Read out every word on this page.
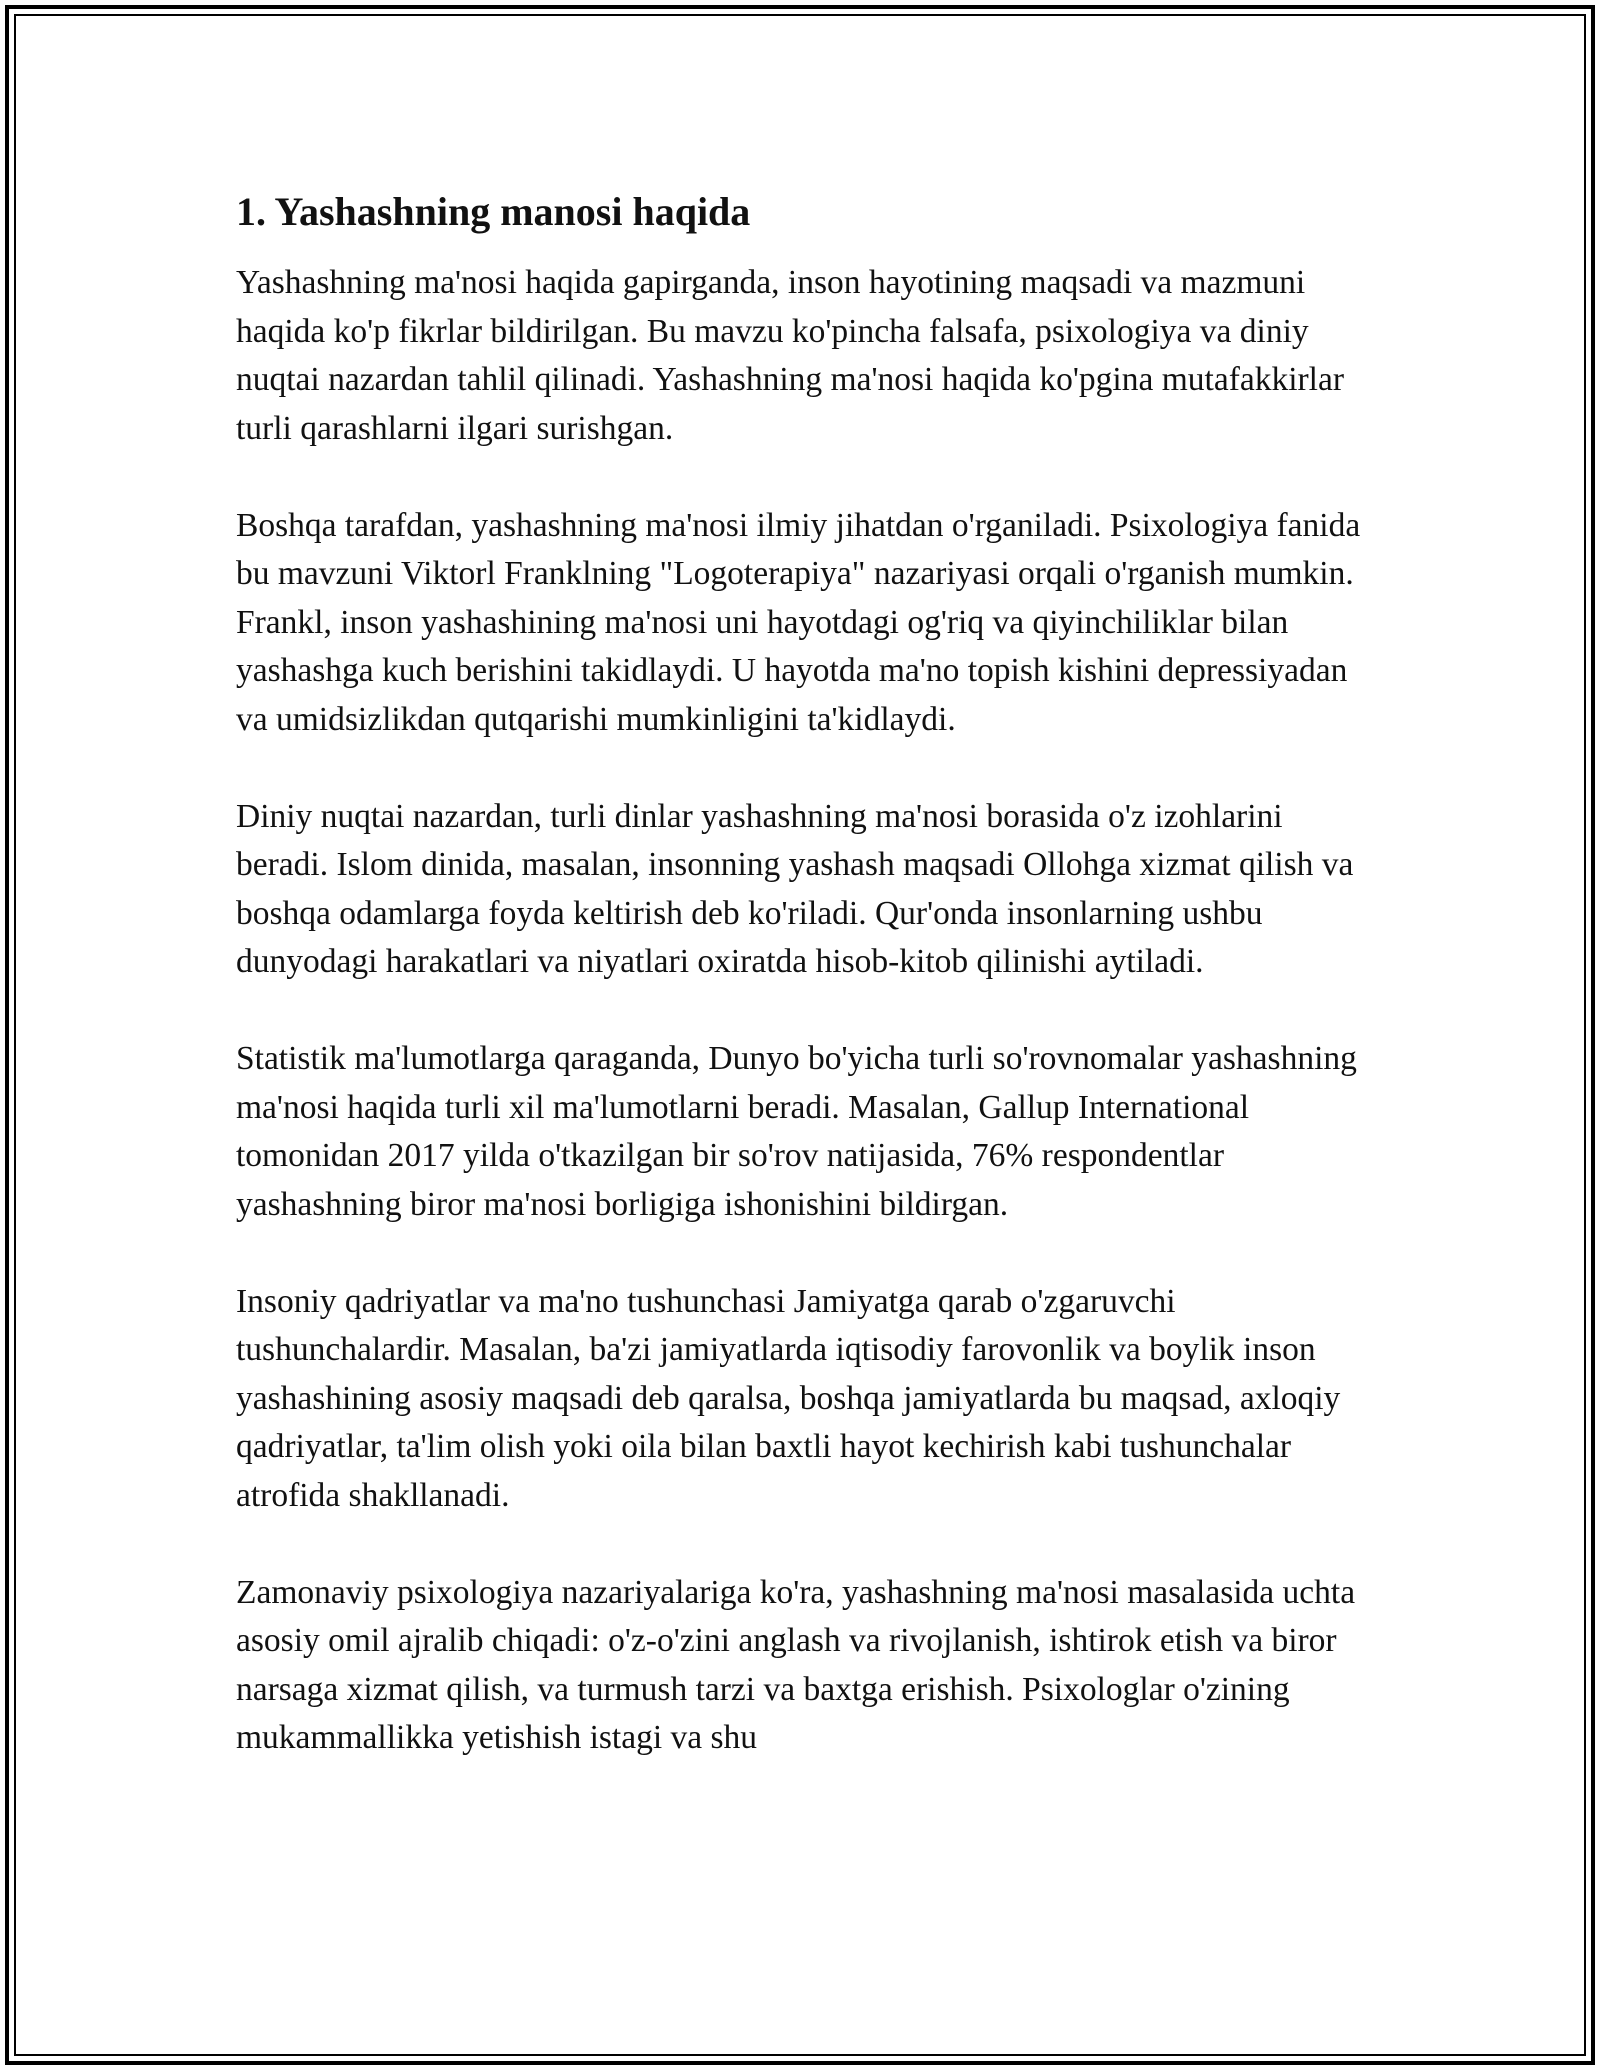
1. Yashashning manosi haqida

Yashashning ma'nosi haqida gapirganda, inson hayotining maqsadi va mazmuni haqida ko'p fikrlar bildirilgan. Bu mavzu ko'pincha falsafa, psixologiya va diniy nuqtai nazardan tahlil qilinadi. Yashashning ma'nosi haqida ko'pgina mutafakkirlar turli qarashlarni ilgari surishgan.

Boshqa tarafdan, yashashning ma'nosi ilmiy jihatdan o'rganiladi. Psixologiya fanida bu mavzuni Viktorl Franklning "Logoterapiya" nazariyasi orqali o'rganish mumkin. Frankl, inson yashashining ma'nosi uni hayotdagi og'riq va qiyinchiliklar bilan yashashga kuch berishini takidlaydi. U hayotda ma'no topish kishini depressiyadan va umidsizlikdan qutqarishi mumkinligini ta'kidlaydi.

Diniy nuqtai nazardan, turli dinlar yashashning ma'nosi borasida o'z izohlarini beradi. Islom dinida, masalan, insonning yashash maqsadi Ollohga xizmat qilish va boshqa odamlarga foyda keltirish deb ko'riladi. Qur'onda insonlarning ushbu dunyodagi harakatlari va niyatlari oxiratda hisob-kitob qilinishi aytiladi.

Statistik ma'lumotlarga qaraganda, Dunyo bo'yicha turli so'rovnomalar yashashning ma'nosi haqida turli xil ma'lumotlarni beradi. Masalan, Gallup International tomonidan 2017 yilda o'tkazilgan bir so'rov natijasida, 76% respondentlar yashashning biror ma'nosi borligiga ishonishini bildirgan.

Insoniy qadriyatlar va ma'no tushunchasi Jamiyatga qarab o'zgaruvchi tushunchalardir. Masalan, ba'zi jamiyatlarda iqtisodiy farovonlik va boylik inson yashashining asosiy maqsadi deb qaralsa, boshqa jamiyatlarda bu maqsad, axloqiy qadriyatlar, ta'lim olish yoki oila bilan baxtli hayot kechirish kabi tushunchalar atrofida shakllanadi.

Zamonaviy psixologiya nazariyalariga ko'ra, yashashning ma'nosi masalasida uchta asosiy omil ajralib chiqadi: o'z-o'zini anglash va rivojlanish, ishtirok etish va biror narsaga xizmat qilish, va turmush tarzi va baxtga erishish. Psixologlar o'zining mukammallikka yetishish istagi va shu
